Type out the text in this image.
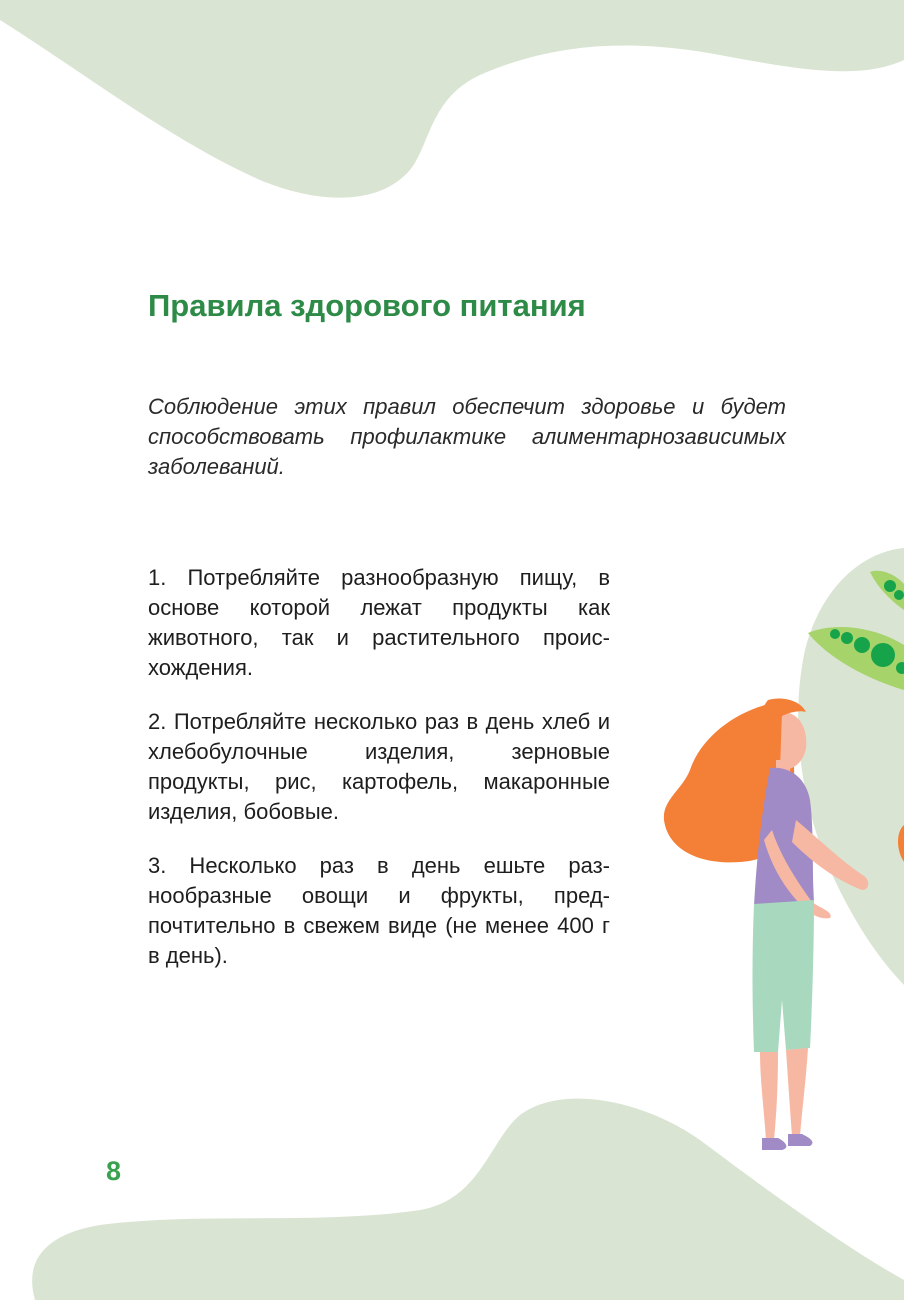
Правила здорового питания

Соблюдение этих правил обеспечит здоровье и будет способствовать профилактике алиментарнозависимых заболеваний.

1. Потребляйте разнообразную пищу, в основе которой лежат продукты как животного, так и растительного происхождения.
2. Потребляйте несколько раз в день хлеб и хлебобулочные изделия, зерновые продукты, рис, картофель, макаронные изделия, бобовые.
3. Несколько раз в день ешьте разнообразные овощи и фрукты, предпочтительно в свежем виде (не менее 400 г в день).
8
